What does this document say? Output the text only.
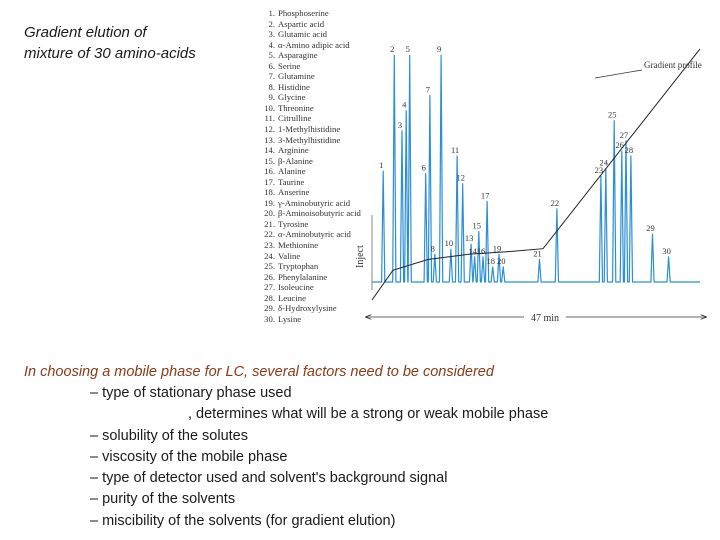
Gradient elution of
mixture of 30 amino-acids
1. Phosphoserine
2. Aspartic acid
3. Glutamic acid
4. α-Amino adipic acid
5. Asparagine
6. Serine
7. Glutamine
8. Histidine
9. Glycine
10. Threonine
11. Citrulline
12. 1-Methylhistidine
13. 3-Methylhistidine
14. Arginine
15. β-Alanine
16. Alanine
17. Taurine
18. Anserine
19. γ-Aminobutyric acid
20. β-Aminoisobutyric acid
21. Tyrosine
22. α-Aminobutyric acid
23. Methionine
24. Valine
25. Tryptophan
26. Phenylalanine
27. Isoleucine
28. Leucine
29. δ-Hydroxylysine
30. Lysine
Inject
Gradient profile
1
2
3
4
5
6
7
8
9
10
11
12
13
14
15
16
17
18
19
20
21
22
23
24
25
26
27
28
29
30
47 min
In choosing a mobile phase for LC, several factors need to be considered
– type of stationary phase used
, determines what will be a strong or weak mobile phase
– solubility of the solutes
– viscosity of the mobile phase
– type of detector used and solvent's background signal
– purity of the solvents
– miscibility of the solvents (for gradient elution)
